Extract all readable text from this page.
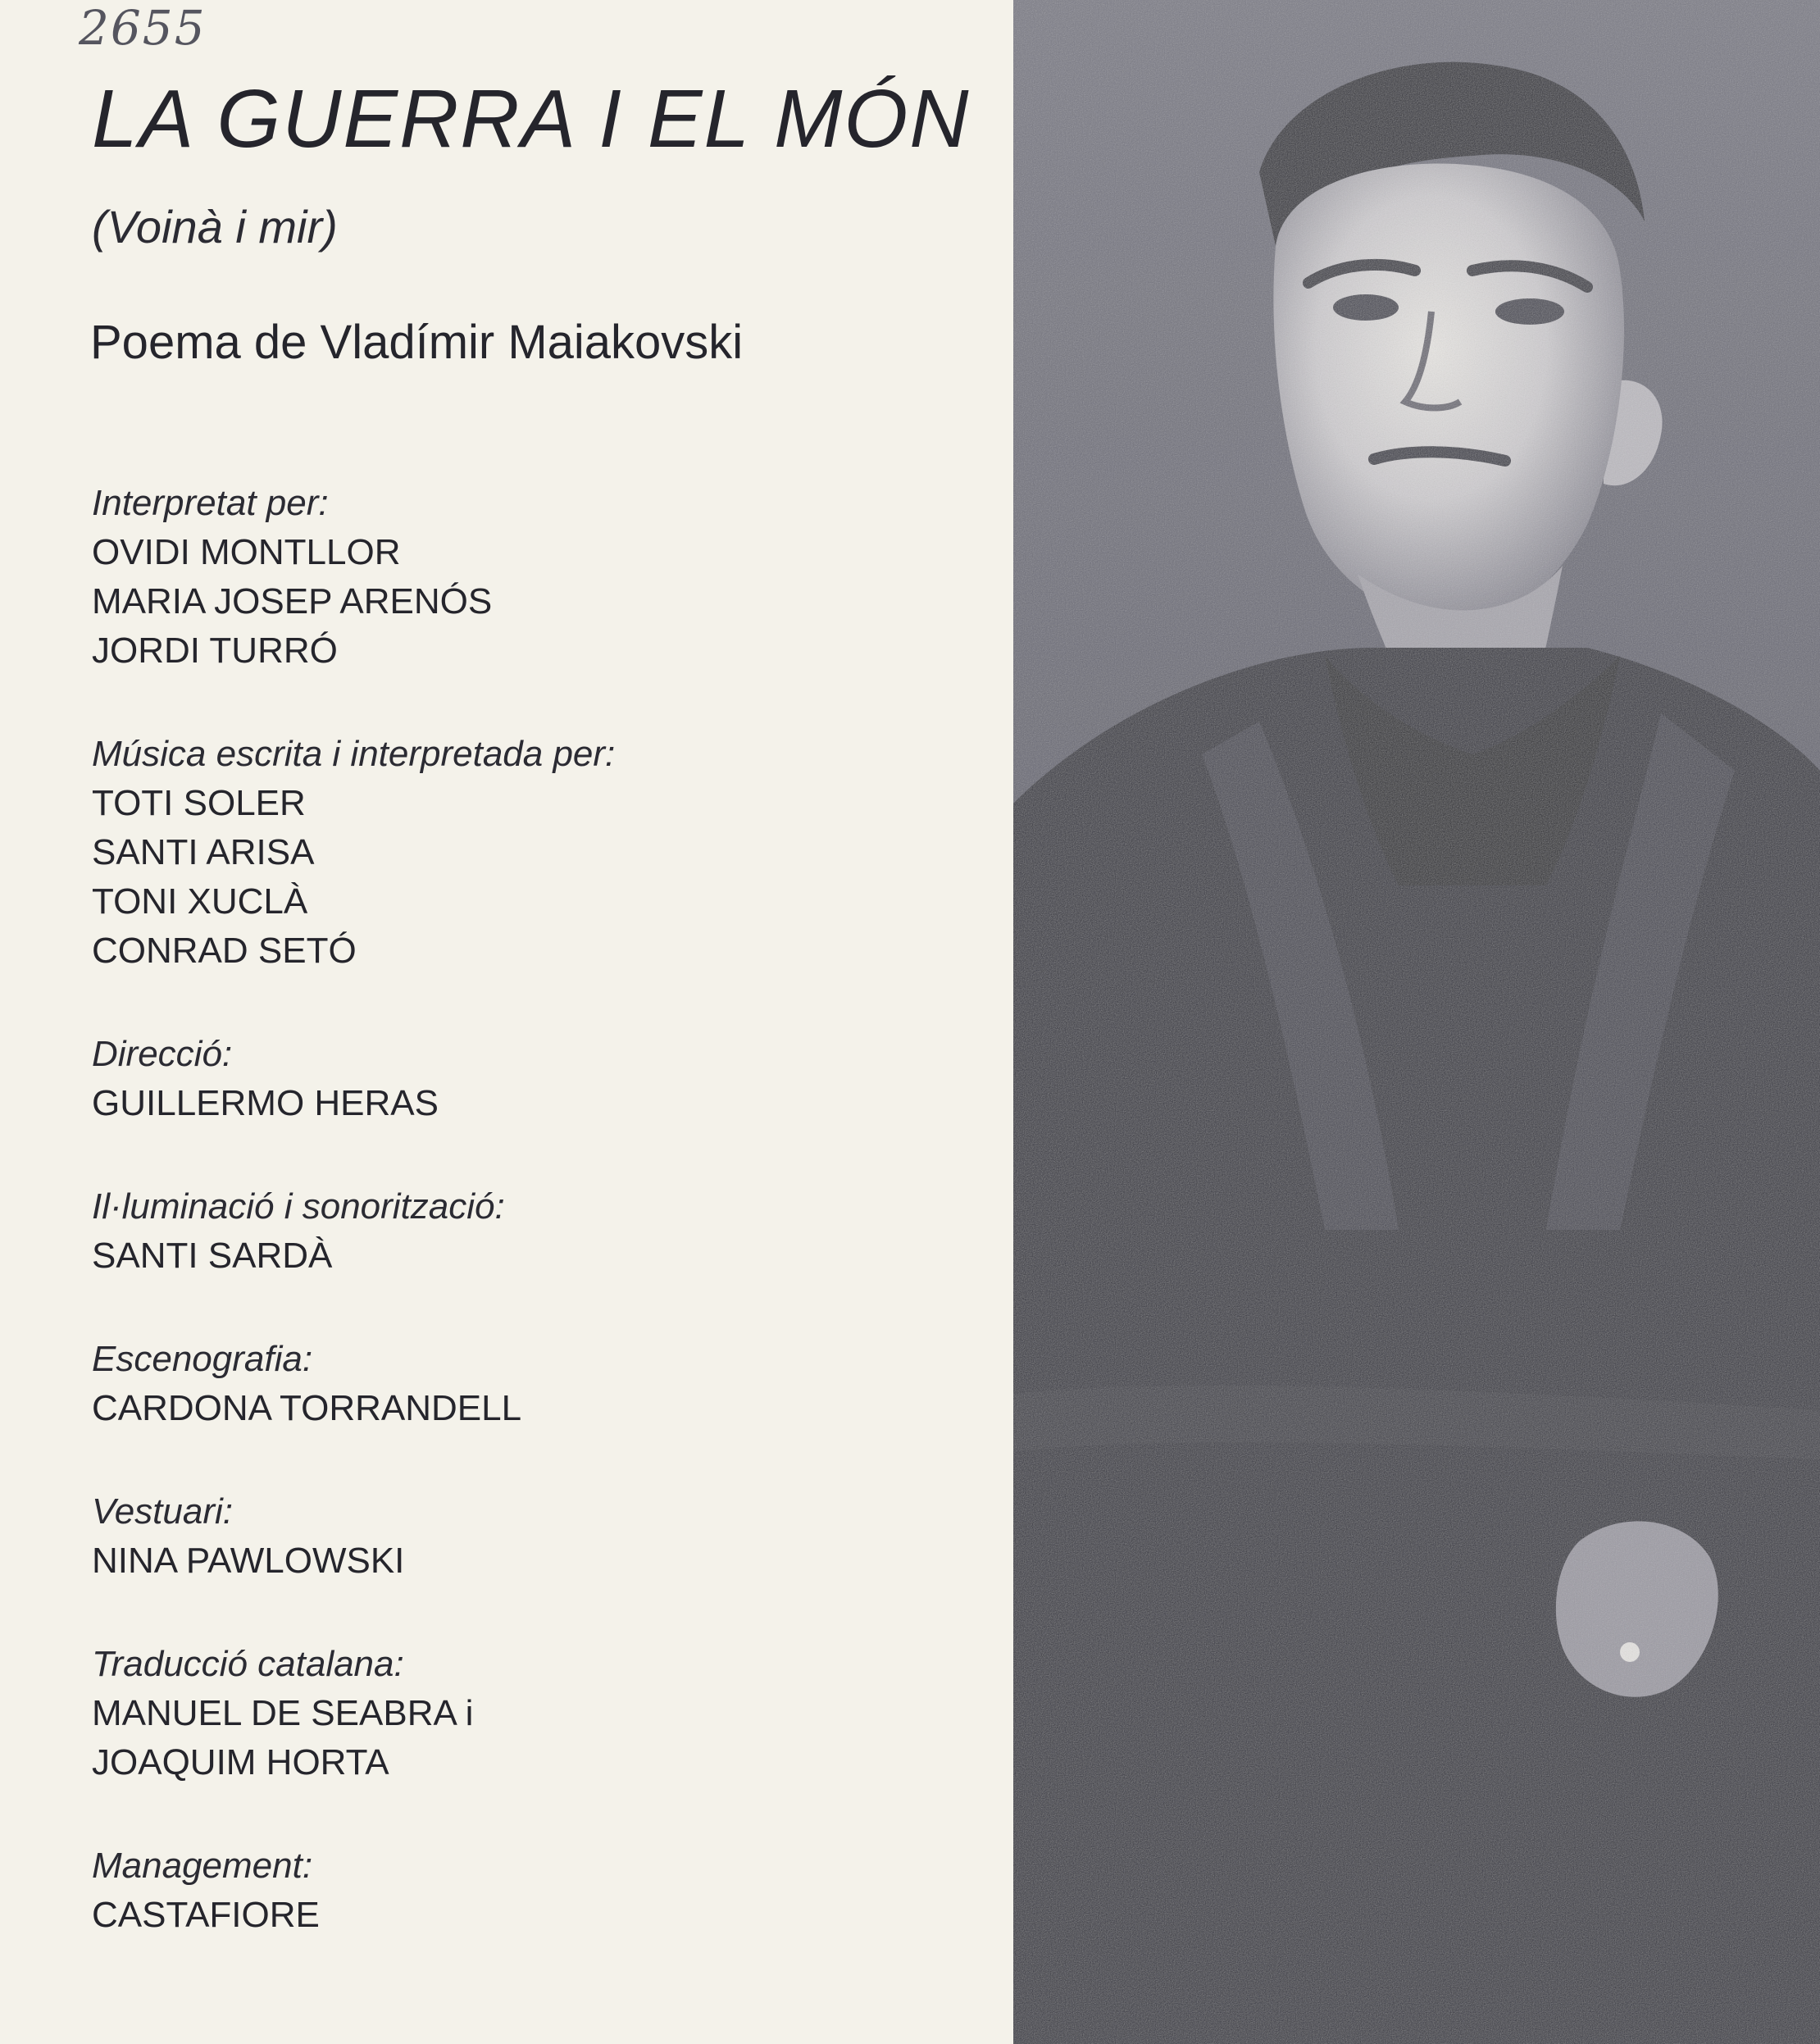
2655
LA GUERRA I EL MÓN
(Voinà i mir)
Poema de Vladímir Maiakovski
Interpretat per:
OVIDI MONTLLOR
MARIA JOSEP ARENÓS
JORDI TURRÓ
Música escrita i interpretada per:
TOTI SOLER
SANTI ARISA
TONI XUCLÀ
CONRAD SETÓ
Direcció:
GUILLERMO HERAS
Il·luminació i sonorització:
SANTI SARDÀ
Escenografia:
CARDONA TORRANDELL
Vestuari:
NINA PAWLOWSKI
Traducció catalana:
MANUEL DE SEABRA i
JOAQUIM HORTA
Management:
CASTAFIORE
